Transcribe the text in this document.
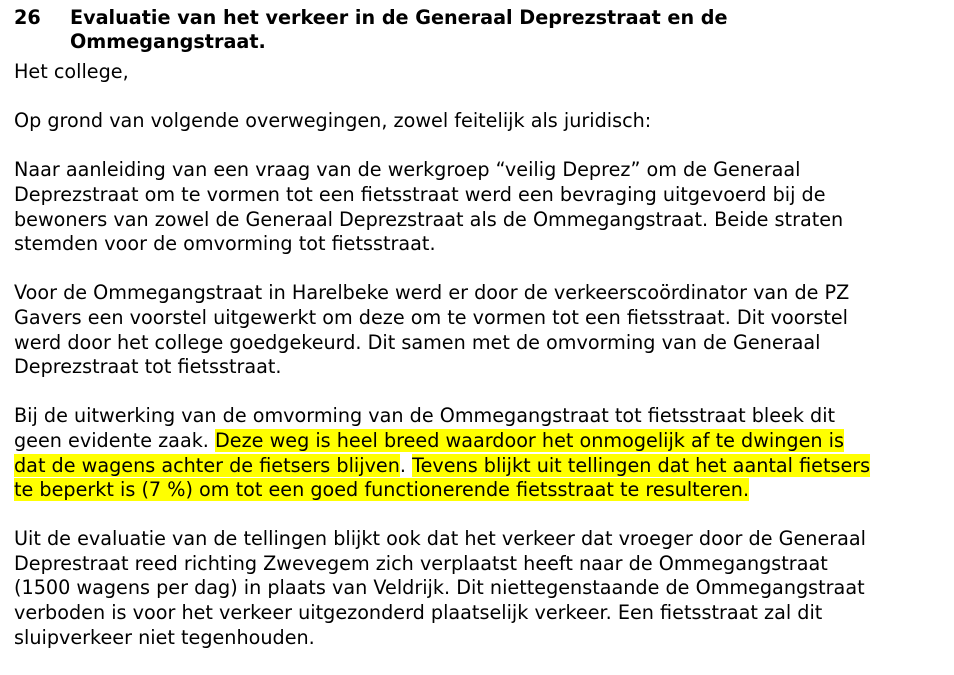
26	Evaluatie van het verkeer in de Generaal Deprezstraat en de
Ommegangstraat.
Het college,
Op grond van volgende overwegingen, zowel feitelijk als juridisch:
Naar aanleiding van een vraag van de werkgroep “veilig Deprez” om de Generaal
Deprezstraat om te vormen tot een fietsstraat werd een bevraging uitgevoerd bij de
bewoners van zowel de Generaal Deprezstraat als de Ommegangstraat. Beide straten
stemden voor de omvorming tot fietsstraat.
Voor de Ommegangstraat in Harelbeke werd er door de verkeerscoördinator van de PZ
Gavers een voorstel uitgewerkt om deze om te vormen tot een fietsstraat. Dit voorstel
werd door het college goedgekeurd. Dit samen met de omvorming van de Generaal
Deprezstraat tot fietsstraat.
Bij de uitwerking van de omvorming van de Ommegangstraat tot fietsstraat bleek dit
geen evidente zaak. Deze weg is heel breed waardoor het onmogelijk af te dwingen is
dat de wagens achter de fietsers blijven. Tevens blijkt uit tellingen dat het aantal fietsers
te beperkt is (7 %) om tot een goed functionerende fietsstraat te resulteren.
Uit de evaluatie van de tellingen blijkt ook dat het verkeer dat vroeger door de Generaal
Deprestraat reed richting Zwevegem zich verplaatst heeft naar de Ommegangstraat
(1500 wagens per dag) in plaats van Veldrijk. Dit niettegenstaande de Ommegangstraat
verboden is voor het verkeer uitgezonderd plaatselijk verkeer. Een fietsstraat zal dit
sluipverkeer niet tegenhouden.
